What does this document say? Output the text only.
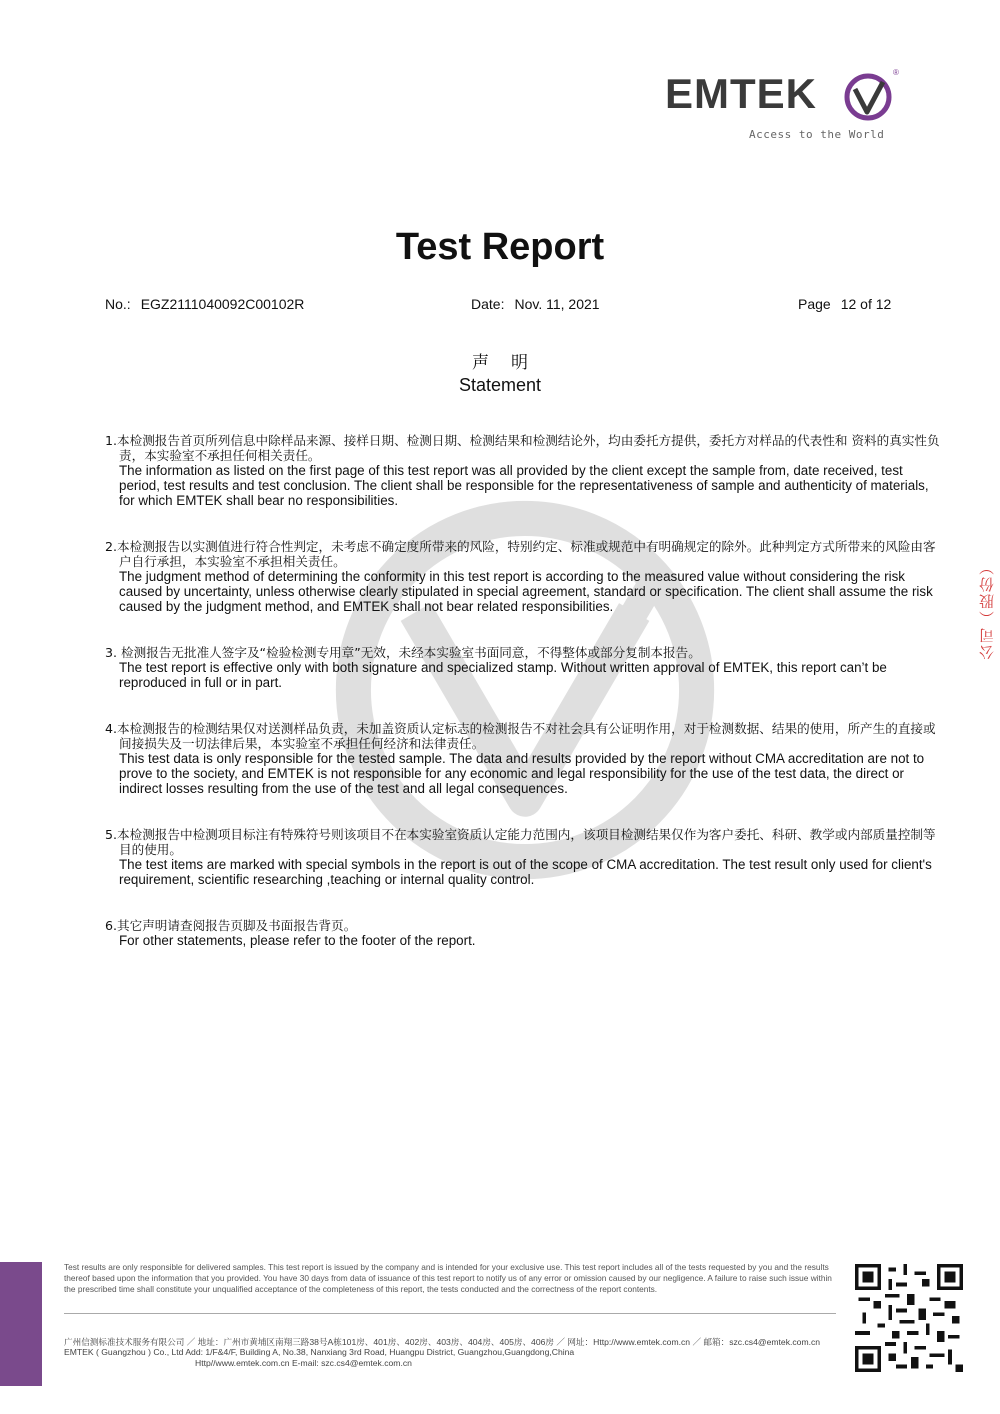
EMTEK	®
Access to the World
Test Report
No.: EGZ2111040092C00102R	Date: Nov. 11, 2021	Page 12 of 12
声明
Statement
1.本检测报告首页所列信息中除样品来源、接样日期、检测日期、检测结果和检测结论外，均由委托方提供，委托方对样品的代表性和 资料的真实性负责，本实验室不承担任何相关责任。
The information as listed on the first page of this test report was all provided by the client except the sample from, date received, test period, test results and test conclusion. The client shall be responsible for the representativeness of sample and authenticity of materials, for which EMTEK shall bear no responsibilities.
2.本检测报告以实测值进行符合性判定，未考虑不确定度所带来的风险，特别约定、标准或规范中有明确规定的除外。此种判定方式所带来的风险由客户自行承担，本实验室不承担相关责任。
The judgment method of determining the conformity in this test report is according to the measured value without considering the risk caused by uncertainty, unless otherwise clearly stipulated in special agreement, standard or specification. The client shall assume the risk caused by the judgment method, and EMTEK shall not bear related responsibilities.
3. 检测报告无批准人签字及“检验检测专用章”无效，未经本实验室书面同意，不得整体或部分复制本报告。
The test report is effective only with both signature and specialized stamp. Without written approval of EMTEK, this report can’t be reproduced in full or in part.
4.本检测报告的检测结果仅对送测样品负责，未加盖资质认定标志的检测报告不对社会具有公证明作用，对于检测数据、结果的使用，所产生的直接或间接损失及一切法律后果，本实验室不承担任何经济和法律责任。
This test data is only responsible for the tested sample. The data and results provided by the report without CMA accreditation are not to prove to the society, and EMTEK is not responsible for any economic and legal responsibility for the use of the test data, the direct or indirect losses resulting from the use of the test and all legal consequences.
5.本检测报告中检测项目标注有特殊符号则该项目不在本实验室资质认定能力范围内，该项目检测结果仅作为客户委托、科研、教学或内部质量控制等目的使用。
The test items are marked with special symbols in the report is out of the scope of CMA accreditation. The test result only used for client's requirement, scientific researching ,teaching or internal quality control.
6.其它声明请查阅报告页脚及书面报告背页。
For other statements, please refer to the footer of the report.
公司（股份）
Test results are only responsible for delivered samples. This test report is issued by the company and is intended for your exclusive use. This test report includes all of the tests requested by you and the results thereof based upon the information that you provided. You have 30 days from data of issuance of this test report to notify us of any error or omission caused by our negligence. A failure to raise such issue within the prescribed time shall constitute your unqualified acceptance of the completeness of this report, the tests conducted and the correctness of the report contents.
广州信测标准技术服务有限公司 ／ 地址：广州市黄埔区南翔三路38号A栋101房、401房、402房、403房、404房、405房、406房 ／ 网址：Http://www.emtek.com.cn ／ 邮箱：szc.cs4@emtek.com.cn
EMTEK ( Guangzhou ) Co., Ltd Add: 1/F&4/F, Building A, No.38, Nanxiang 3rd Road, Huangpu District, Guangzhou,Guangdong,China
Http//www.emtek.com.cn E-mail: szc.cs4@emtek.com.cn
